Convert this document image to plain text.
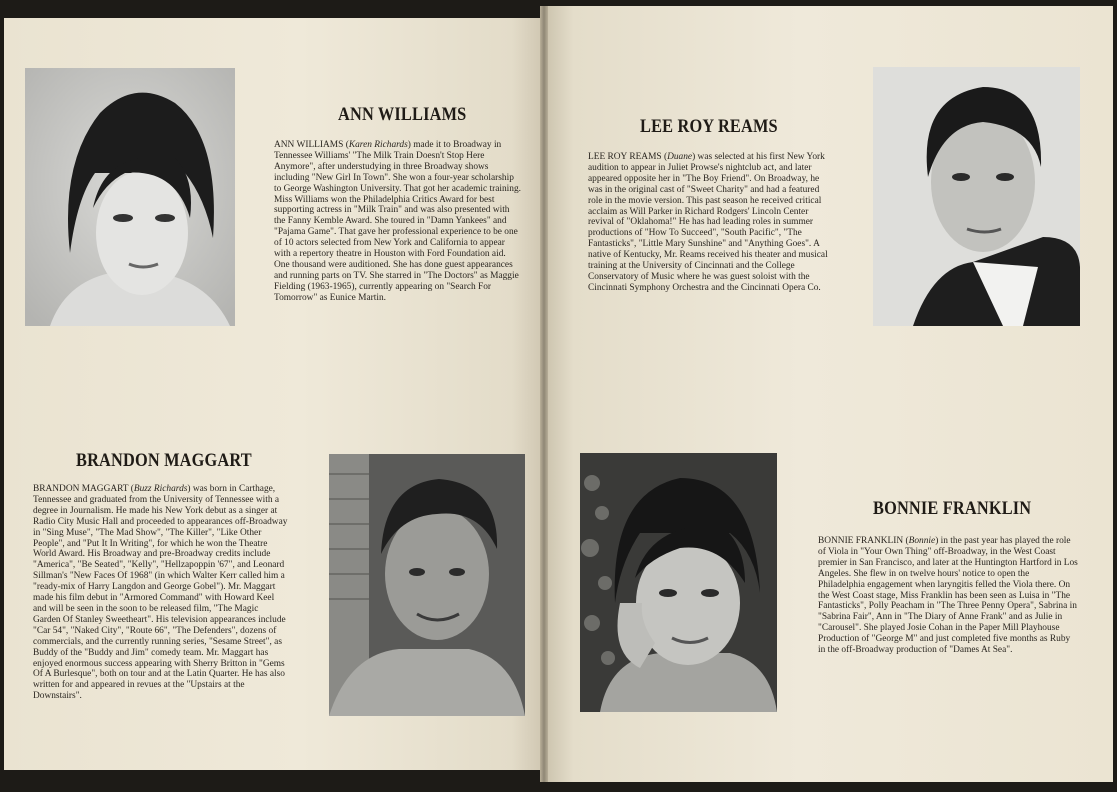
ANN WILLIAMS

ANN WILLIAMS (Karen Richards) made it to Broadway in Tennessee Williams' "The Milk Train Doesn't Stop Here Anymore", after understudying in three Broadway shows including "New Girl In Town". She won a four-year scholarship to George Washington University. That got her academic training. Miss Williams won the Philadelphia Critics Award for best supporting actress in "Milk Train" and was also presented with the Fanny Kemble Award. She toured in "Damn Yankees" and "Pajama Game". That gave her professional experience to be one of 10 actors selected from New York and California to appear with a repertory theatre in Houston with Ford Foundation aid. One thousand were auditioned. She has done guest appearances and running parts on TV. She starred in "The Doctors" as Maggie Fielding (1963-1965), currently appearing on "Search For Tomorrow" as Eunice Martin.

BRANDON MAGGART

BRANDON MAGGART (Buzz Richards) was born in Carthage, Tennessee and graduated from the University of Tennessee with a degree in Journalism. He made his New York debut as a singer at Radio City Music Hall and proceeded to appearances off-Broadway in "Sing Muse", "The Mad Show", "The Killer", "Like Other People", and "Put It In Writing", for which he won the Theatre World Award. His Broadway and pre-Broadway credits include "America", "Be Seated", "Kelly", "Hellzapoppin '67", and Leonard Sillman's "New Faces Of 1968" (in which Walter Kerr called him a "ready-mix of Harry Langdon and George Gobel"). Mr. Maggart made his film debut in "Armored Command" with Howard Keel and will be seen in the soon to be released film, "The Magic Garden Of Stanley Sweetheart". His television appearances include "Car 54", "Naked City", "Route 66", "The Defenders", dozens of commercials, and the currently running series, "Sesame Street", as Buddy of the "Buddy and Jim" comedy team. Mr. Maggart has enjoyed enormous success appearing with Sherry Britton in "Gems Of A Burlesque", both on tour and at the Latin Quarter. He has also written for and appeared in revues at the "Upstairs at the Downstairs".

LEE ROY REAMS

LEE ROY REAMS (Duane) was selected at his first New York audition to appear in Juliet Prowse's nightclub act, and later appeared opposite her in "The Boy Friend". On Broadway, he was in the original cast of "Sweet Charity" and had a featured role in the movie version. This past season he received critical acclaim as Will Parker in Richard Rodgers' Lincoln Center revival of "Oklahoma!" He has had leading roles in summer productions of "How To Succeed", "South Pacific", "The Fantasticks", "Little Mary Sunshine" and "Anything Goes". A native of Kentucky, Mr. Reams received his theater and musical training at the University of Cincinnati and the College Conservatory of Music where he was guest soloist with the Cincinnati Symphony Orchestra and the Cincinnati Opera Co.

BONNIE FRANKLIN

BONNIE FRANKLIN (Bonnie) in the past year has played the role of Viola in "Your Own Thing" off-Broadway, in the West Coast premier in San Francisco, and later at the Huntington Hartford in Los Angeles. She flew in on twelve hours' notice to open the Philadelphia engagement when laryngitis felled the Viola there. On the West Coast stage, Miss Franklin has been seen as Luisa in "The Fantasticks", Polly Peacham in "The Three Penny Opera", Sabrina in "Sabrina Fair", Ann in "The Diary of Anne Frank" and as Julie in "Carousel". She played Josie Cohan in the Paper Mill Playhouse Production of "George M" and just completed five months as Ruby in the off-Broadway production of "Dames At Sea".
